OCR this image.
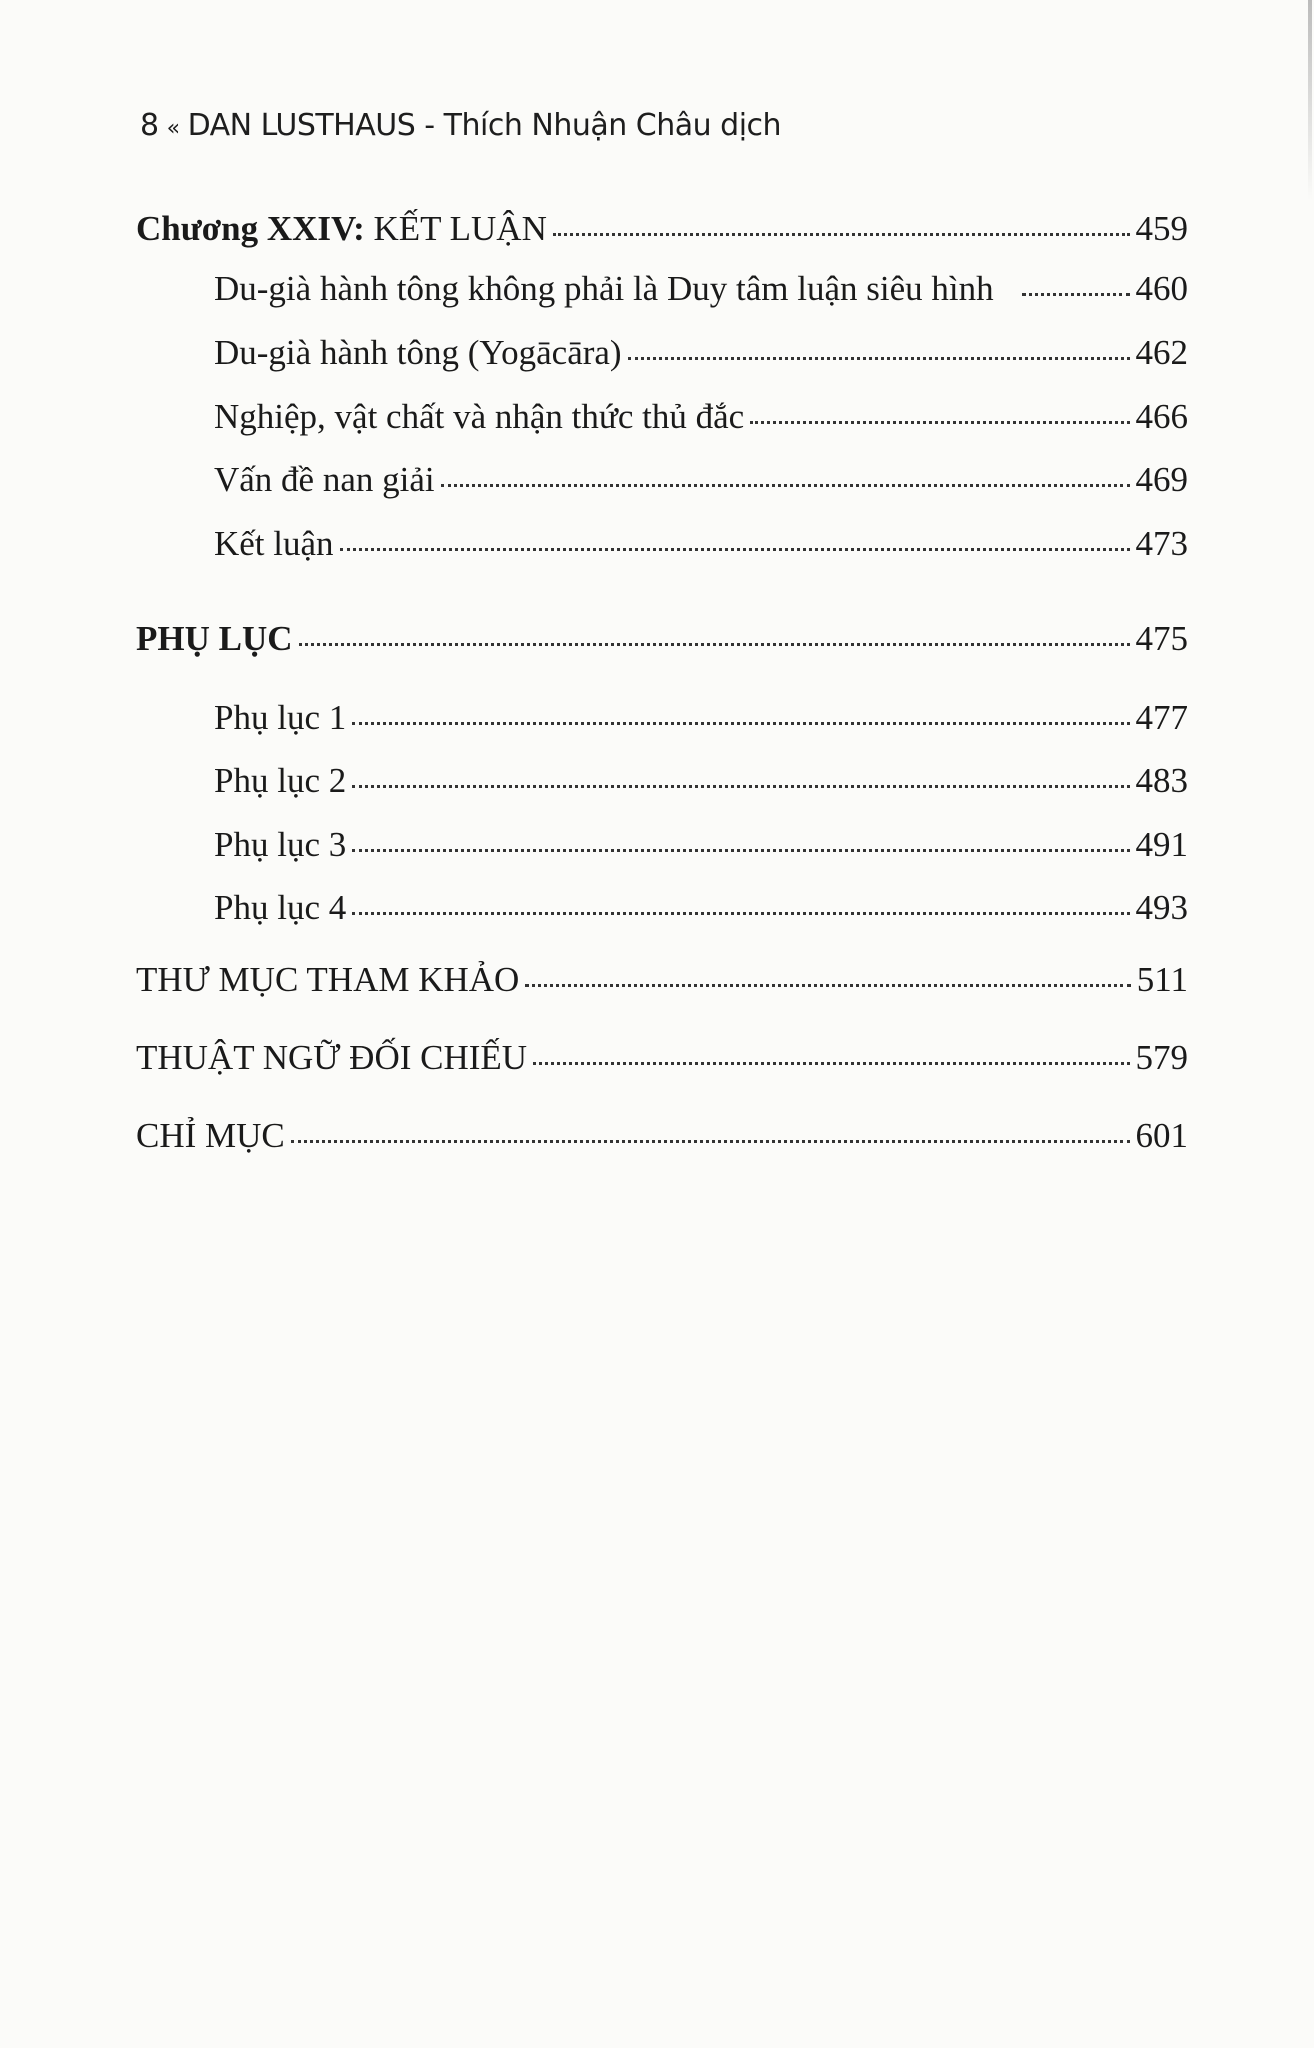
8 « DAN LUSTHAUS - Thích Nhuận Châu dịch
Chương XXIV: KẾT LUẬN	459
Du-già hành tông không phải là Duy tâm luận siêu hình	460
Du-già hành tông (Yogācāra)	462
Nghiệp, vật chất và nhận thức thủ đắc	466
Vấn đề nan giải	469
Kết luận	473
PHỤ LỤC	475
Phụ lục 1	477
Phụ lục 2	483
Phụ lục 3	491
Phụ lục 4	493
THƯ MỤC THAM KHẢO	511
THUẬT NGỮ ĐỐI CHIẾU	579
CHỈ MỤC	601
